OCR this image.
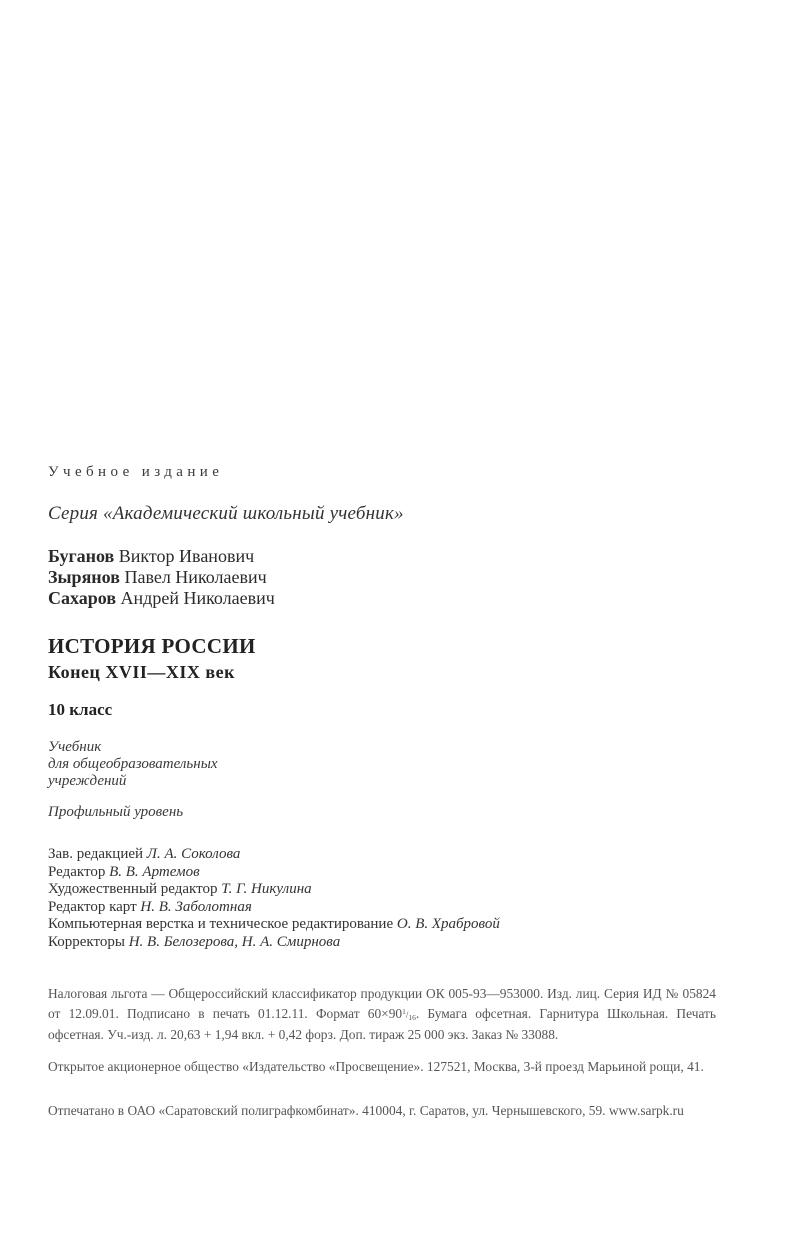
Учебное издание
Серия «Академический школьный учебник»
Буганов Виктор Иванович
Зырянов Павел Николаевич
Сахаров Андрей Николаевич
ИСТОРИЯ РОССИИ
Конец XVII—XIX век
10 класс
Учебник
для общеобразовательных
учреждений
Профильный уровень
Зав. редакцией Л. А. Соколова
Редактор В. В. Артемов
Художественный редактор Т. Г. Никулина
Редактор карт Н. В. Заболотная
Компьютерная верстка и техническое редактирование О. В. Храбровой
Корректоры Н. В. Белозерова, Н. А. Смирнова

Налоговая льгота — Общероссийский классификатор продукции ОК 005-93—953000. Изд. лиц. Серия ИД № 05824 от 12.09.01. Подписано в печать 01.12.11. Формат $60\times 90^1/_{16}$. Бумага офсетная. Гарнитура Школьная. Печать офсетная. Уч.-изд. л. 20,63 + 1,94 вкл. + 0,42 форз. Доп. тираж 25 000 экз. Заказ № 33088.

Открытое акционерное общество «Издательство «Просвещение». 127521, Москва, 3-й проезд Марьиной рощи, 41.

Отпечатано в ОАО «Саратовский полиграфкомбинат». 410004, г. Саратов, ул. Чернышевского, 59. www.sarpk.ru
